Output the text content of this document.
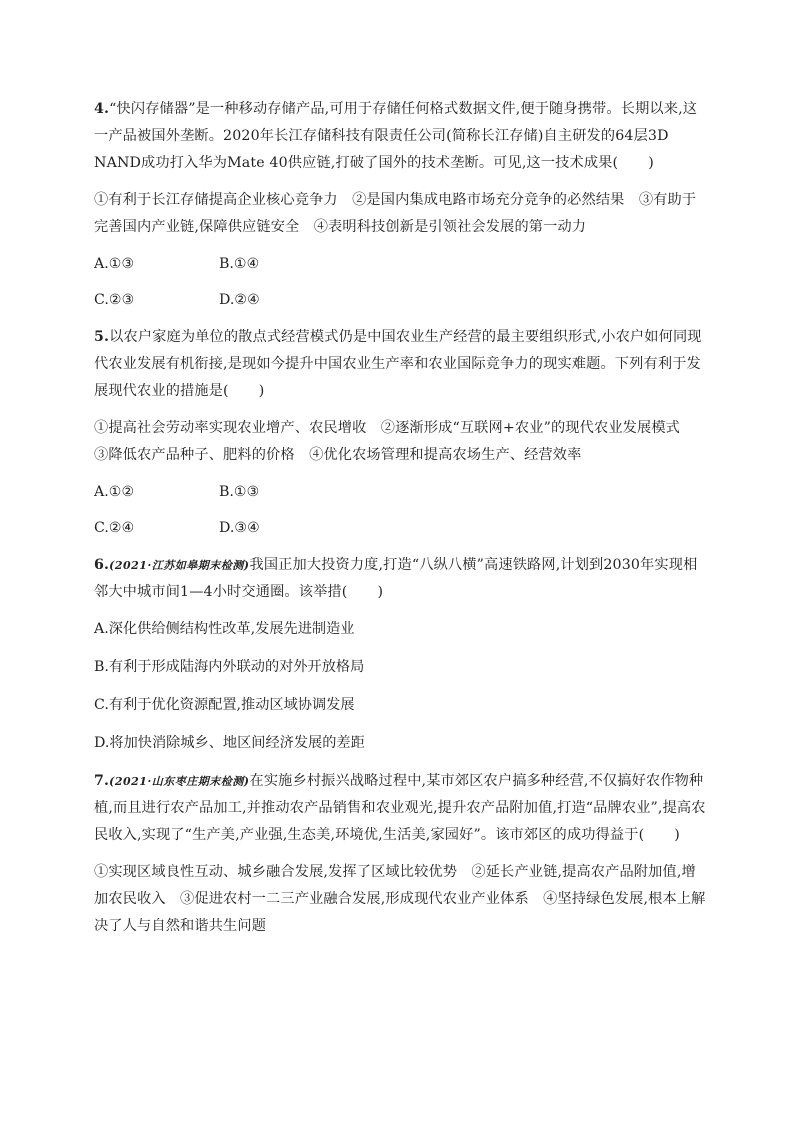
4.“快闪存储器”是一种移动存储产品,可用于存储任何格式数据文件,便于随身携带。长期以来,这一产品被国外垄断。2020年长江存储科技有限责任公司(简称长江存储)自主研发的64层3D NAND成功打入华为Mate 40供应链,打破了国外的技术垄断。可见,这一技术成果( )

①有利于长江存储提高企业核心竞争力　②是国内集成电路市场充分竞争的必然结果　③有助于完善国内产业链,保障供应链安全　④表明科技创新是引领社会发展的第一动力

A.①③	B.①④
C.②③	D.②④

5.以农户家庭为单位的散点式经营模式仍是中国农业生产经营的最主要组织形式,小农户如何同现代农业发展有机衔接,是现如今提升中国农业生产率和农业国际竞争力的现实难题。下列有利于发展现代农业的措施是( )

①提高社会劳动率实现农业增产、农民增收　②逐渐形成“互联网+农业”的现代农业发展模式　③降低农产品种子、肥料的价格　④优化农场管理和提高农场生产、经营效率

A.①②	B.①③
C.②④	D.③④

6.(2021·江苏如皋期末检测)我国正加大投资力度,打造“八纵八横”高速铁路网,计划到2030年实现相邻大中城市间1—4小时交通圈。该举措( )

A.深化供给侧结构性改革,发展先进制造业

B.有利于形成陆海内外联动的对外开放格局

C.有利于优化资源配置,推动区域协调发展

D.将加快消除城乡、地区间经济发展的差距

7.(2021·山东枣庄期末检测)在实施乡村振兴战略过程中,某市郊区农户搞多种经营,不仅搞好农作物种植,而且进行农产品加工,并推动农产品销售和农业观光,提升农产品附加值,打造“品牌农业”,提高农民收入,实现了“生产美,产业强,生态美,环境优,生活美,家园好”。该市郊区的成功得益于( )

①实现区域良性互动、城乡融合发展,发挥了区域比较优势　②延长产业链,提高农产品附加值,增加农民收入　③促进农村一二三产业融合发展,形成现代农业产业体系　④坚持绿色发展,根本上解决了人与自然和谐共生问题
